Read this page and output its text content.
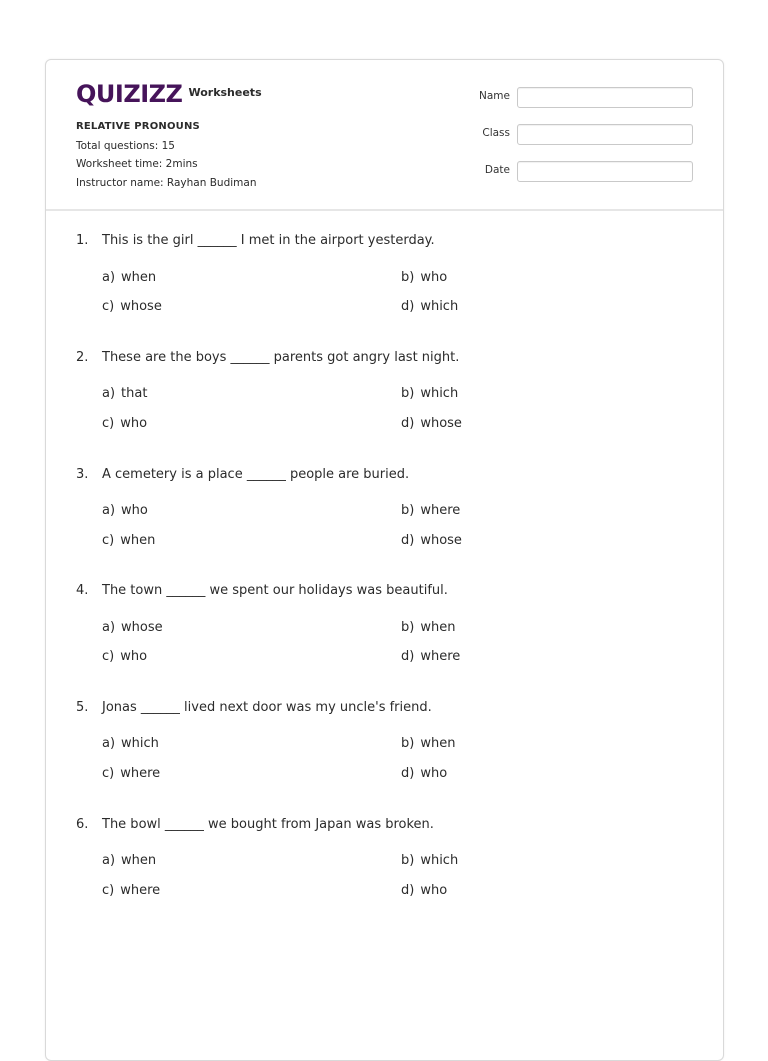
QUIZIZZ Worksheets
RELATIVE PRONOUNS
Total questions: 15
Worksheet time: 2mins
Instructor name: Rayhan Budiman
Name
Class
Date
1. This is the girl ______ I met in the airport yesterday.
a) when	b) who
c) whose	d) which
2. These are the boys ______ parents got angry last night.
a) that	b) which
c) who	d) whose
3. A cemetery is a place ______ people are buried.
a) who	b) where
c) when	d) whose
4. The town ______ we spent our holidays was beautiful.
a) whose	b) when
c) who	d) where
5. Jonas ______ lived next door was my uncle's friend.
a) which	b) when
c) where	d) who
6. The bowl ______ we bought from Japan was broken.
a) when	b) which
c) where	d) who
